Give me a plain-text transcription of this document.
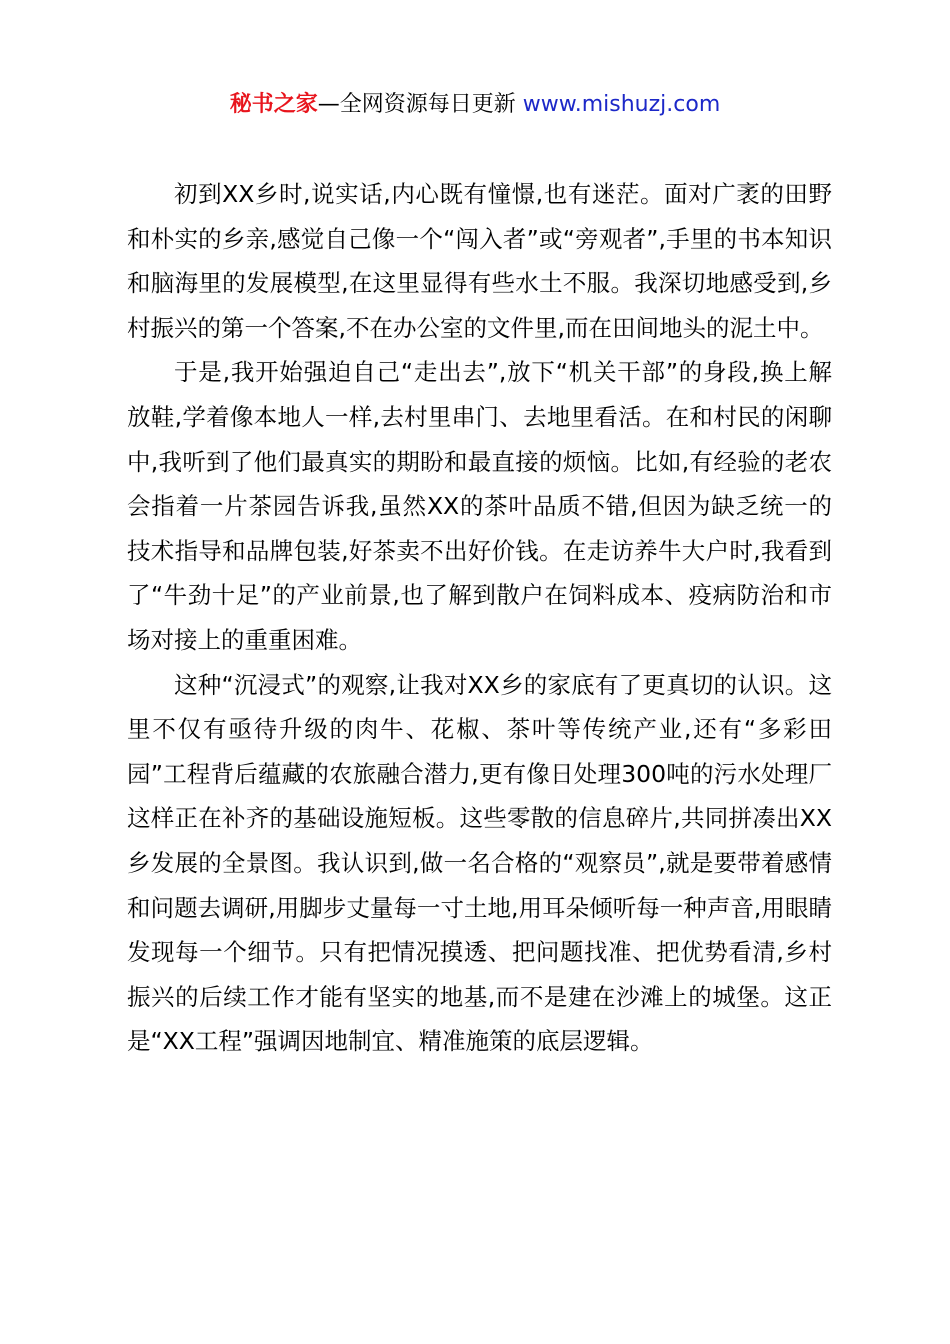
秘书之家—全网资源每日更新 www.mishuzj.com

初到XX乡时,说实话,内心既有憧憬,也有迷茫。面对广袤的田野和朴实的乡亲,感觉自己像一个“闯入者”或“旁观者”,手里的书本知识和脑海里的发展模型,在这里显得有些水土不服。我深切地感受到,乡村振兴的第一个答案,不在办公室的文件里,而在田间地头的泥土中。

于是,我开始强迫自己“走出去”,放下“机关干部”的身段,换上解放鞋,学着像本地人一样,去村里串门、去地里看活。在和村民的闲聊中,我听到了他们最真实的期盼和最直接的烦恼。比如,有经验的老农会指着一片茶园告诉我,虽然XX的茶叶品质不错,但因为缺乏统一的技术指导和品牌包装,好茶卖不出好价钱。在走访养牛大户时,我看到了“牛劲十足”的产业前景,也了解到散户在饲料成本、疫病防治和市场对接上的重重困难。

这种“沉浸式”的观察,让我对XX乡的家底有了更真切的认识。这里不仅有亟待升级的肉牛、花椒、茶叶等传统产业,还有“多彩田园”工程背后蕴藏的农旅融合潜力,更有像日处理300吨的污水处理厂这样正在补齐的基础设施短板。这些零散的信息碎片,共同拼凑出XX乡发展的全景图。我认识到,做一名合格的“观察员”,就是要带着感情和问题去调研,用脚步丈量每一寸土地,用耳朵倾听每一种声音,用眼睛发现每一个细节。只有把情况摸透、把问题找准、把优势看清,乡村振兴的后续工作才能有坚实的地基,而不是建在沙滩上的城堡。这正是“XX工程”强调因地制宜、精准施策的底层逻辑。
